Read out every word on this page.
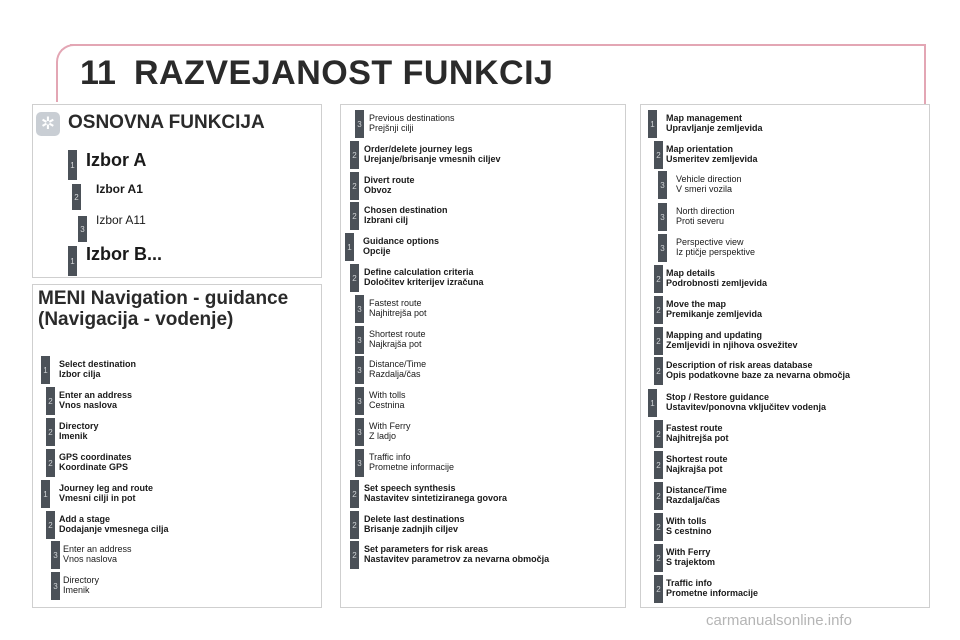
11 RAZVEJANOST FUNKCIJ
✲ OSNOVNA FUNKCIJA
1 Izbor A
2
Izbor A1
3
Izbor A11
1 Izbor B...
MENI Navigation - guidance
(Navigacija - vodenje)
1
Select destination
Izbor cilja
2
Enter an address
Vnos naslova
2
Directory
Imenik
2
GPS coordinates
Koordinate GPS
1
Journey leg and route
Vmesni cilji in pot
2
Add a stage
Dodajanje vmesnega cilja
3
Enter an address
Vnos naslova
3
Directory
Imenik
3
Previous destinations
Prejšnji cilji
2
Order/delete journey legs
Urejanje/brisanje vmesnih ciljev
2
Divert route
Obvoz
2
Chosen destination
Izbrani cilj
1
Guidance options
Opcije
2
Define calculation criteria
Določitev kriterijev izračuna
3
Fastest route
Najhitrejša pot
3
Shortest route
Najkrajša pot
3
Distance/Time
Razdalja/čas
3
With tolls
Cestnina
3
With Ferry
Z ladjo
3
Traffic info
Prometne informacije
2
Set speech synthesis
Nastavitev sintetiziranega govora
2
Delete last destinations
Brisanje zadnjih ciljev
2
Set parameters for risk areas
Nastavitev parametrov za nevarna območja
1
Map management
Upravljanje zemljevida
2
Map orientation
Usmeritev zemljevida
3
Vehicle direction
V smeri vozila
3
North direction
Proti severu
3
Perspective view
Iz ptičje perspektive
2
Map details
Podrobnosti zemljevida
2
Move the map
Premikanje zemljevida
2
Mapping and updating
Zemljevidi in njihova osvežitev
2
Description of risk areas database
Opis podatkovne baze za nevarna območja
1
Stop / Restore guidance
Ustavitev/ponovna vključitev vodenja
2
Fastest route
Najhitrejša pot
2
Shortest route
Najkrajša pot
2
Distance/Time
Razdalja/čas
2
With tolls
S cestnino
2
With Ferry
S trajektom
2
Traffic info
Prometne informacije
carmanualsonline.info
